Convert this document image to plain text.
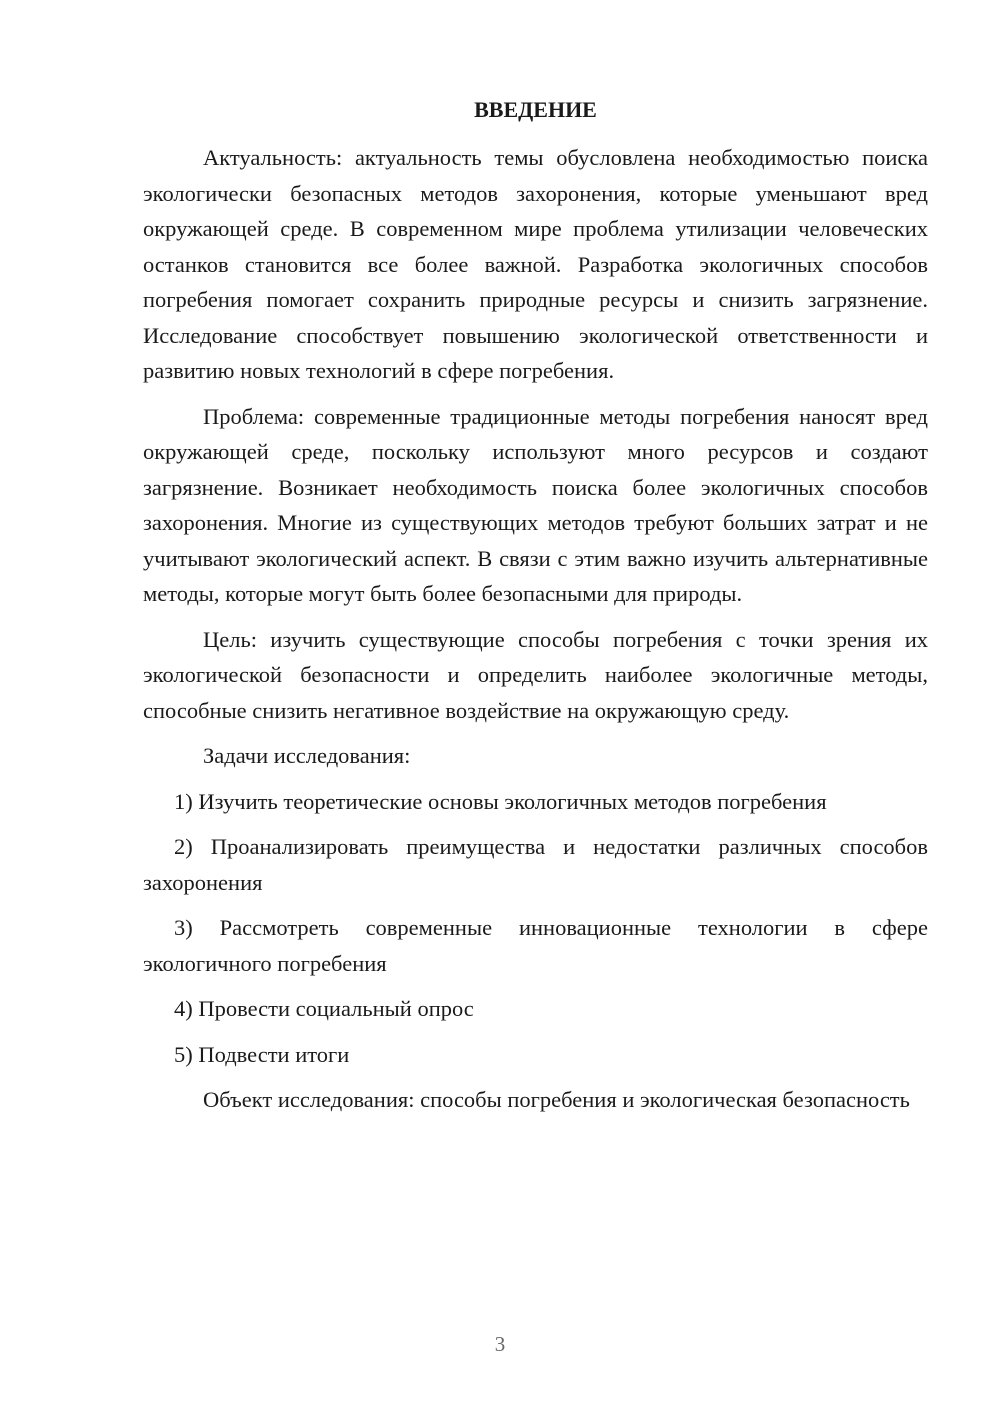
ВВЕДЕНИЕ

Актуальность: актуальность темы обусловлена необходимостью поиска экологически безопасных методов захоронения, которые уменьшают вред окружающей среде. В современном мире проблема утилизации человеческих останков становится все более важной. Разработка экологичных способов погребения помогает сохранить природные ресурсы и снизить загрязнение. Исследование способствует повышению экологической ответственности и развитию новых технологий в сфере погребения.

Проблема: современные традиционные методы погребения наносят вред окружающей среде, поскольку используют много ресурсов и создают загрязнение. Возникает необходимость поиска более экологичных способов захоронения. Многие из существующих методов требуют больших затрат и не учитывают экологический аспект. В связи с этим важно изучить альтернативные методы, которые могут быть более безопасными для природы.

Цель: изучить существующие способы погребения с точки зрения их экологической безопасности и определить наиболее экологичные методы, способные снизить негативное воздействие на окружающую среду.

Задачи исследования:

1) Изучить теоретические основы экологичных методов погребения

2) Проанализировать преимущества и недостатки различных способов захоронения

3) Рассмотреть современные инновационные технологии в сфере экологичного погребения

4) Провести социальный опрос

5) Подвести итоги

Объект исследования: способы погребения и экологическая безопасность

3
